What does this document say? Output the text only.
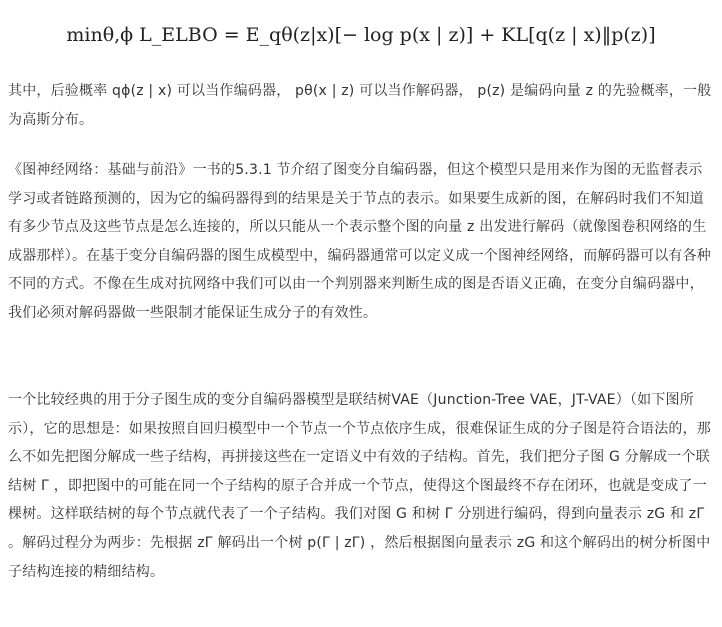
minθ,ϕ L_ELBO = E_qθ(z|x)[− log p(x | z)] + KL[q(z | x)‖p(z)]
其中，后验概率 qϕ(z | x) 可以当作编码器， pθ(x | z) 可以当作解码器， p(z) 是编码向量 z 的先验概率，一般为高斯分布。
《图神经网络：基础与前沿》一书的5.3.1 节介绍了图变分自编码器，但这个模型只是用来作为图的无监督表示学习或者链路预测的，因为它的编码器得到的结果是关于节点的表示。如果要生成新的图，在解码时我们不知道有多少节点及这些节点是怎么连接的，所以只能从一个表示整个图的向量 z 出发进行解码（就像图卷积网络的生成器那样）。在基于变分自编码器的图生成模型中，编码器通常可以定义成一个图神经网络，而解码器可以有各种不同的方式。不像在生成对抗网络中我们可以由一个判别器来判断生成的图是否语义正确，在变分自编码器中，我们必须对解码器做一些限制才能保证生成分子的有效性。
一个比较经典的用于分子图生成的变分自编码器模型是联结树VAE（Junction-Tree VAE，JT-VAE）（如下图所示），它的思想是：如果按照自回归模型中一个节点一个节点依序生成，很难保证生成的分子图是符合语法的，那么不如先把图分解成一些子结构，再拼接这些在一定语义中有效的子结构。首先，我们把分子图 G 分解成一个联结树 Γ ，即把图中的可能在同一个子结构的原子合并成一个节点，使得这个图最终不存在闭环，也就是变成了一棵树。这样联结树的每个节点就代表了一个子结构。我们对图 G 和树 Γ 分别进行编码，得到向量表示 zG 和 zΓ 。解码过程分为两步：先根据 zΓ 解码出一个树 p(Γ | zΓ) ，然后根据图向量表示 zG 和这个解码出的树分析图中子结构连接的精细结构。
